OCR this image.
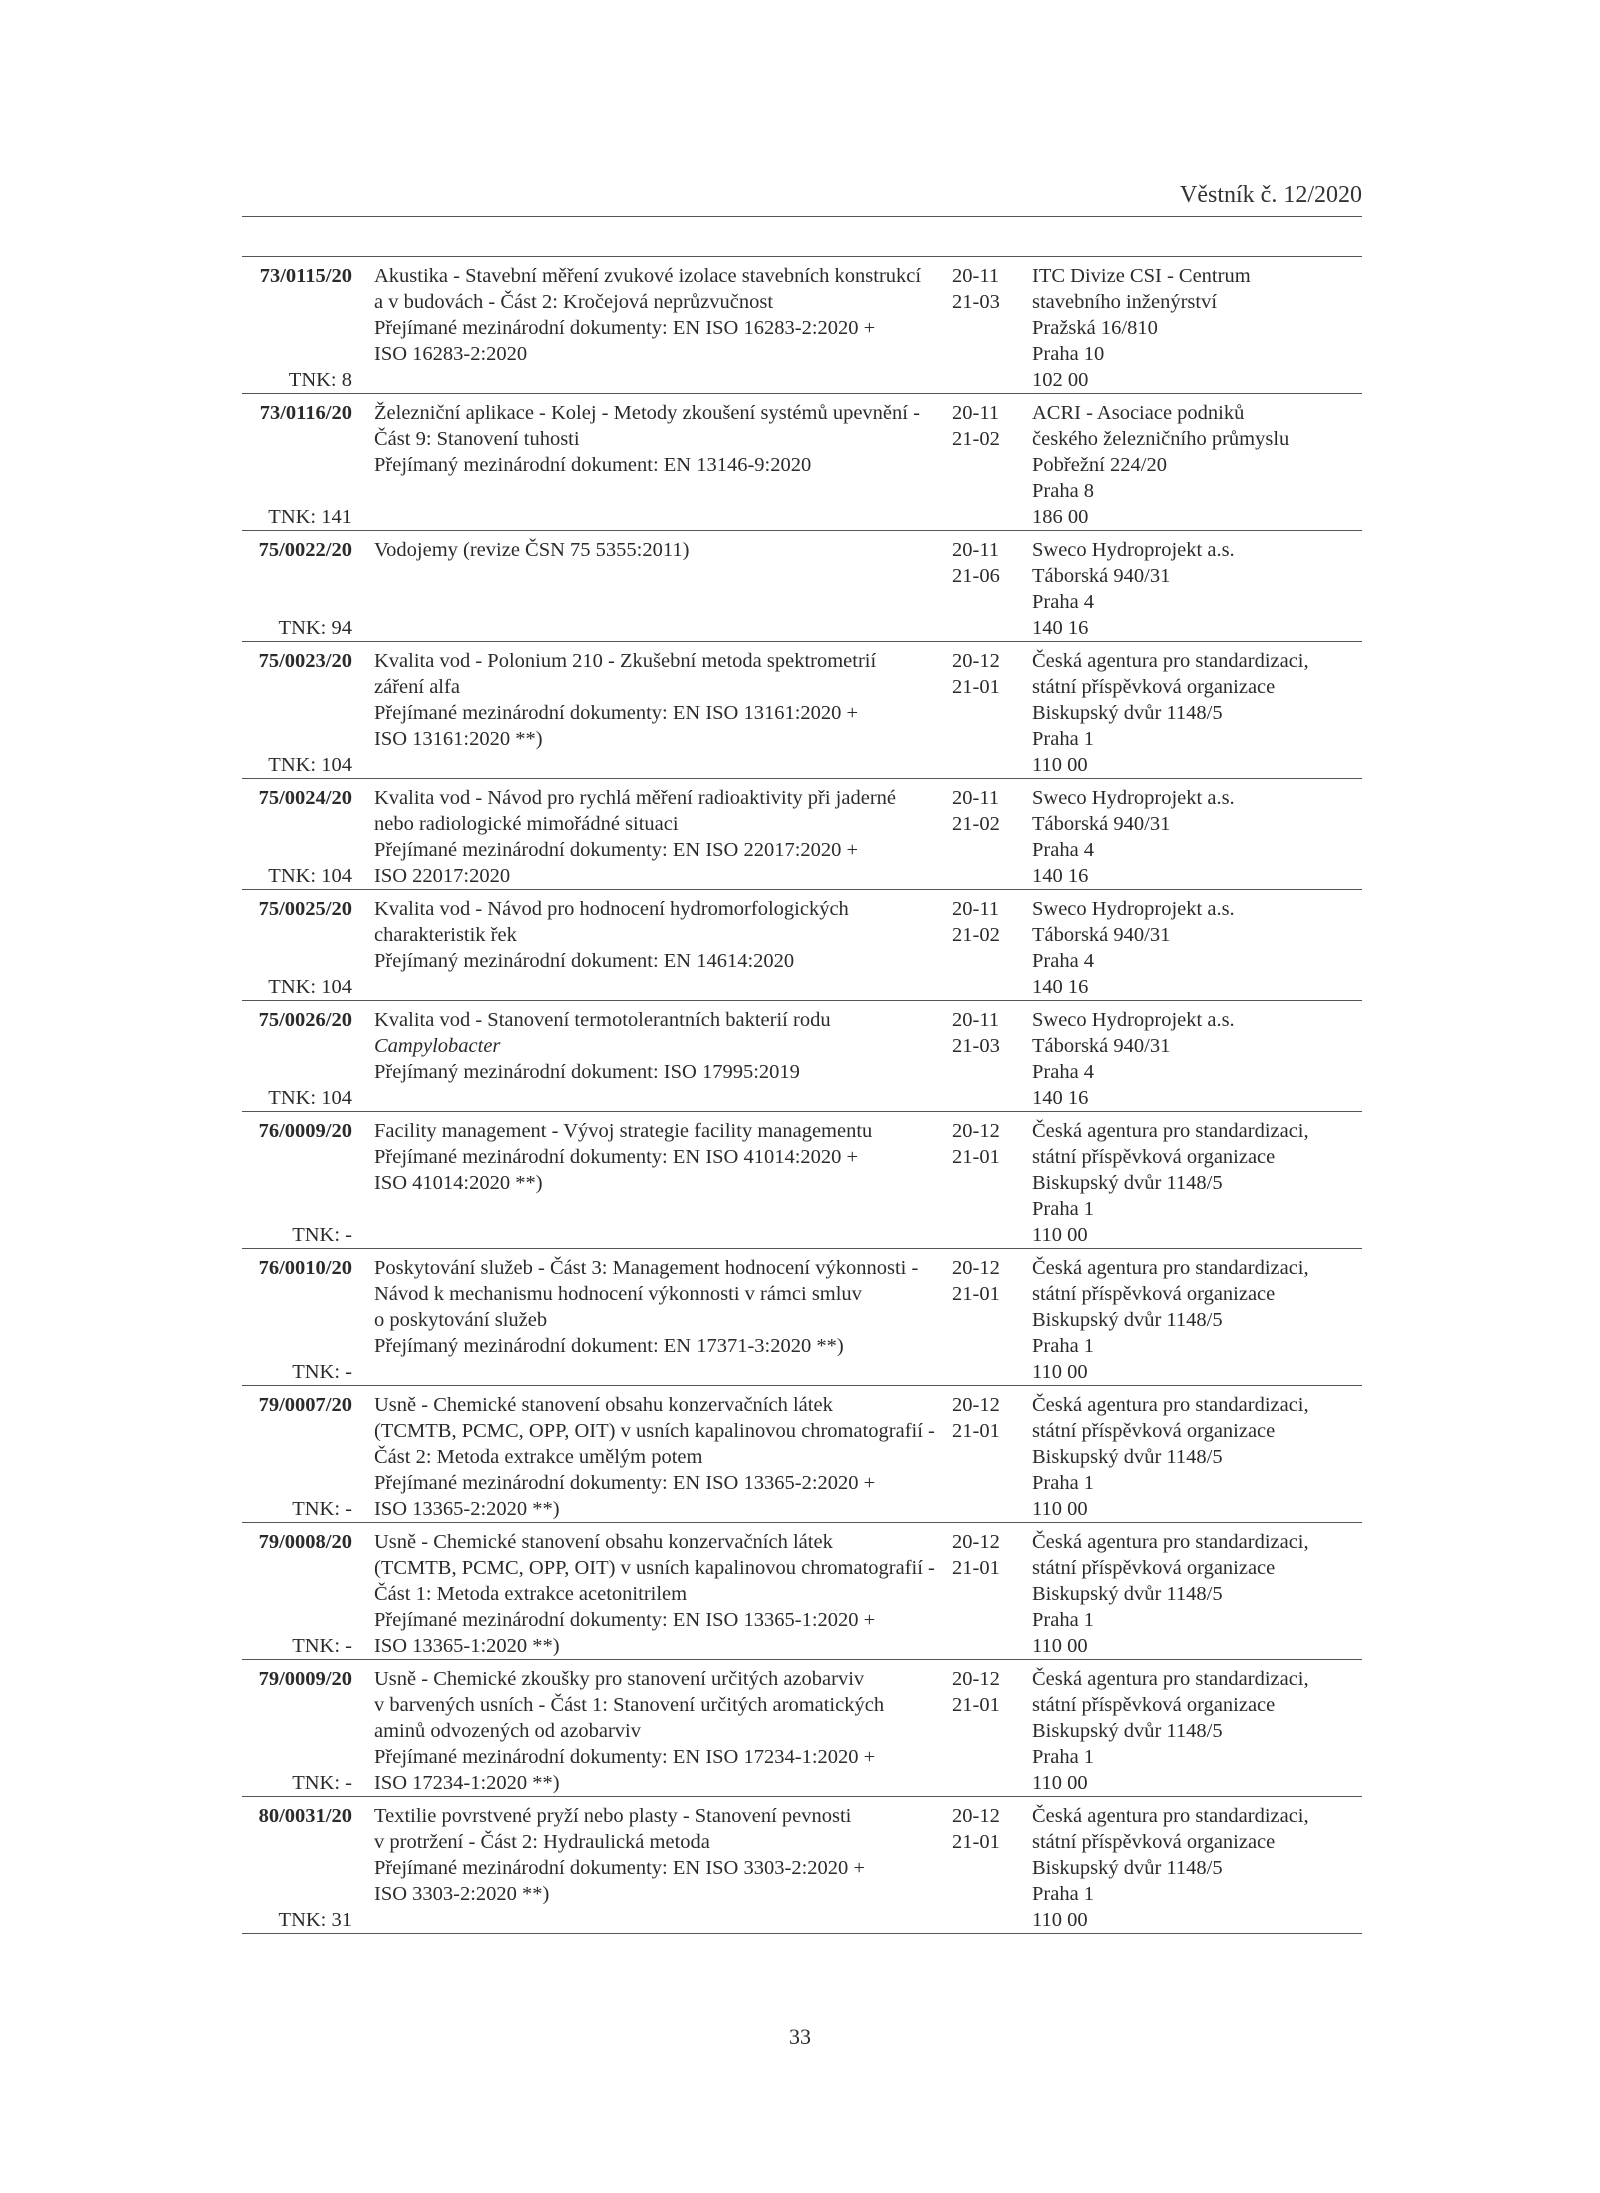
Věstník č. 12/2020
73/0115/20
TNK: 8
Akustika - Stavební měření zvukové izolace stavebních konstrukcí
a v budovách - Část 2: Kročejová neprůzvučnost
Přejímané mezinárodní dokumenty: EN ISO 16283-2:2020 +
ISO 16283-2:2020
20-11
21-03
ITC Divize CSI - Centrum
stavebního inženýrství
Pražská 16/810
Praha 10
102 00
73/0116/20
TNK: 141
Železniční aplikace - Kolej - Metody zkoušení systémů upevnění -
Část 9: Stanovení tuhosti
Přejímaný mezinárodní dokument: EN 13146-9:2020
20-11
21-02
ACRI - Asociace podniků
českého železničního průmyslu
Pobřežní 224/20
Praha 8
186 00
75/0022/20
TNK: 94
Vodojemy (revize ČSN 75 5355:2011)	20-11
21-06
Sweco Hydroprojekt a.s.
Táborská 940/31
Praha 4
140 16
75/0023/20
TNK: 104
Kvalita vod - Polonium 210 - Zkušební metoda spektrometrií
záření alfa
Přejímané mezinárodní dokumenty: EN ISO 13161:2020 +
ISO 13161:2020 **)
20-12
21-01
Česká agentura pro standardizaci,
státní příspěvková organizace
Biskupský dvůr 1148/5
Praha 1
110 00
75/0024/20
TNK: 104
Kvalita vod - Návod pro rychlá měření radioaktivity při jaderné
nebo radiologické mimořádné situaci
Přejímané mezinárodní dokumenty: EN ISO 22017:2020 +
ISO 22017:2020
20-11
21-02
Sweco Hydroprojekt a.s.
Táborská 940/31
Praha 4
140 16
75/0025/20
TNK: 104
Kvalita vod - Návod pro hodnocení hydromorfologických
charakteristik řek
Přejímaný mezinárodní dokument: EN 14614:2020
20-11
21-02
Sweco Hydroprojekt a.s.
Táborská 940/31
Praha 4
140 16
75/0026/20
TNK: 104
Kvalita vod - Stanovení termotolerantních bakterií rodu
Campylobacter
Přejímaný mezinárodní dokument: ISO 17995:2019
20-11
21-03
Sweco Hydroprojekt a.s.
Táborská 940/31
Praha 4
140 16
76/0009/20
TNK: -
Facility management - Vývoj strategie facility managementu
Přejímané mezinárodní dokumenty: EN ISO 41014:2020 +
ISO 41014:2020 **)
20-12
21-01
Česká agentura pro standardizaci,
státní příspěvková organizace
Biskupský dvůr 1148/5
Praha 1
110 00
76/0010/20
TNK: -
Poskytování služeb - Část 3: Management hodnocení výkonnosti -
Návod k mechanismu hodnocení výkonnosti v rámci smluv
o poskytování služeb
Přejímaný mezinárodní dokument: EN 17371-3:2020 **)
20-12
21-01
Česká agentura pro standardizaci,
státní příspěvková organizace
Biskupský dvůr 1148/5
Praha 1
110 00
79/0007/20
TNK: -
Usně - Chemické stanovení obsahu konzervačních látek
(TCMTB, PCMC, OPP, OIT) v usních kapalinovou chromatografií -
Část 2: Metoda extrakce umělým potem
Přejímané mezinárodní dokumenty: EN ISO 13365-2:2020 +
ISO 13365-2:2020 **)
20-12
21-01
Česká agentura pro standardizaci,
státní příspěvková organizace
Biskupský dvůr 1148/5
Praha 1
110 00
79/0008/20
TNK: -
Usně - Chemické stanovení obsahu konzervačních látek
(TCMTB, PCMC, OPP, OIT) v usních kapalinovou chromatografií -
Část 1: Metoda extrakce acetonitrilem
Přejímané mezinárodní dokumenty: EN ISO 13365-1:2020 +
ISO 13365-1:2020 **)
20-12
21-01
Česká agentura pro standardizaci,
státní příspěvková organizace
Biskupský dvůr 1148/5
Praha 1
110 00
79/0009/20
TNK: -
Usně - Chemické zkoušky pro stanovení určitých azobarviv
v barvených usních - Část 1: Stanovení určitých aromatických
aminů odvozených od azobarviv
Přejímané mezinárodní dokumenty: EN ISO 17234-1:2020 +
ISO 17234-1:2020 **)
20-12
21-01
Česká agentura pro standardizaci,
státní příspěvková organizace
Biskupský dvůr 1148/5
Praha 1
110 00
80/0031/20
TNK: 31
Textilie povrstvené pryží nebo plasty - Stanovení pevnosti
v protržení - Část 2: Hydraulická metoda
Přejímané mezinárodní dokumenty: EN ISO 3303-2:2020 +
ISO 3303-2:2020 **)
20-12
21-01
Česká agentura pro standardizaci,
státní příspěvková organizace
Biskupský dvůr 1148/5
Praha 1
110 00
33
